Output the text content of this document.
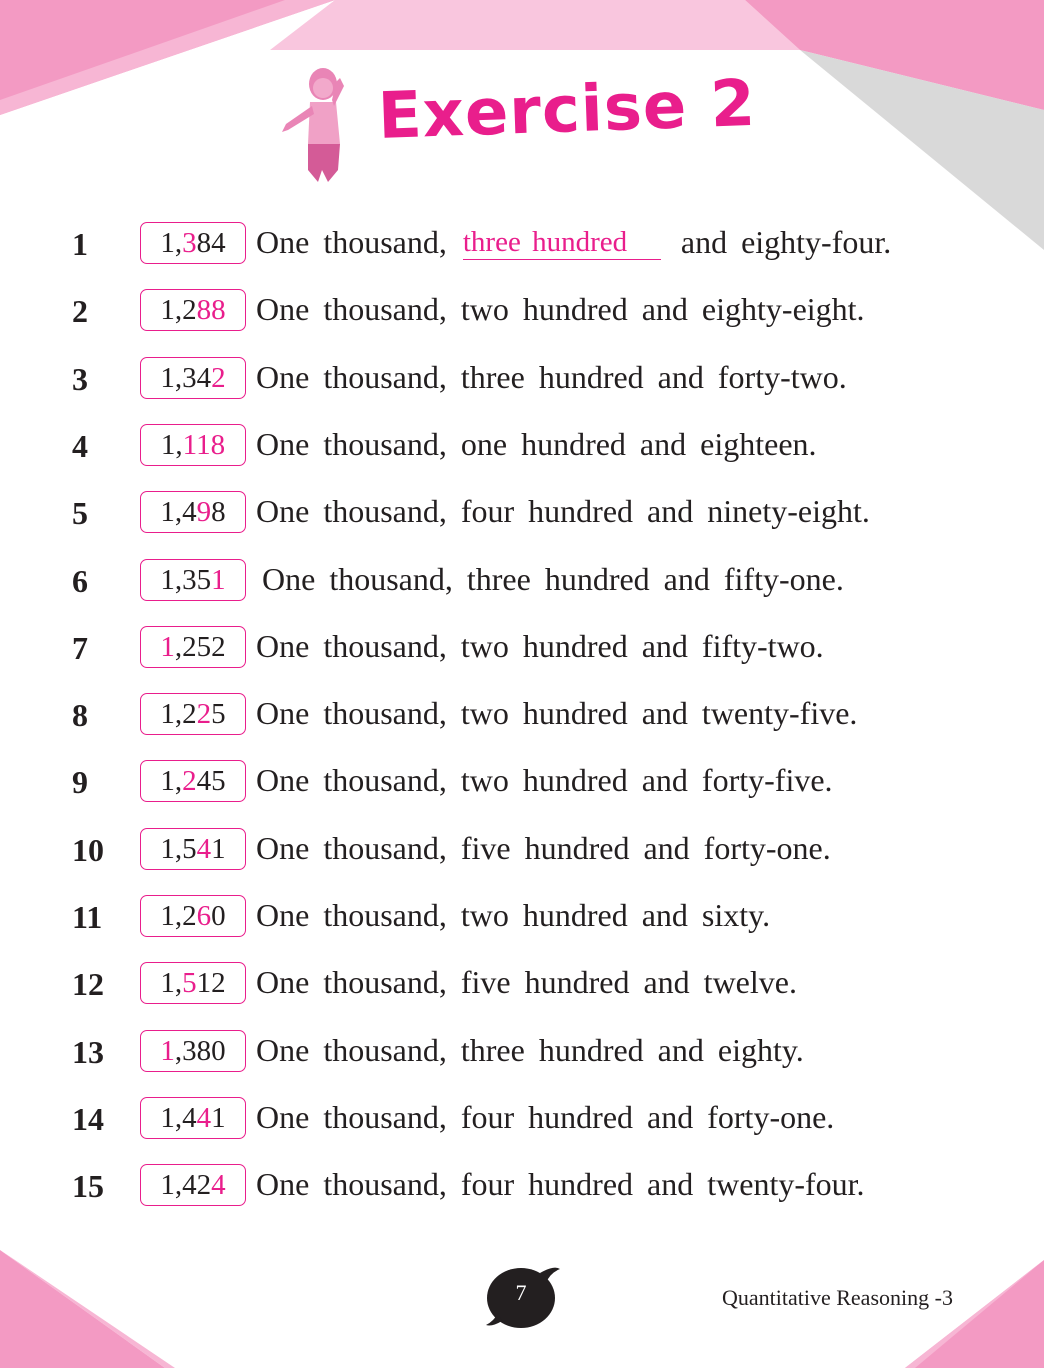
Exercise 2
1	1,384 One thousand, three hundred and eighty-four.
2	1,288 One thousand, two hundred and eighty-eight.
3	1,342 One thousand, three hundred and forty-two.
4	1,118 One thousand, one hundred and eighteen.
5	1,498 One thousand, four hundred and ninety-eight.
6	1,351	One thousand, three hundred and fifty-one.
7	1,252 One thousand, two hundred and fifty-two.
8	1,225 One thousand, two hundred and twenty-five.
9	1,245 One thousand, two hundred and forty-five.
10	1,541 One thousand, five hundred and forty-one.
11	1,260 One thousand, two hundred and sixty.
12	1,512 One thousand, five hundred and twelve.
13	1,380 One thousand, three hundred and eighty.
14	1,441 One thousand, four hundred and forty-one.
15	1,424 One thousand, four hundred and twenty-four.
7	Quantitative Reasoning -3
